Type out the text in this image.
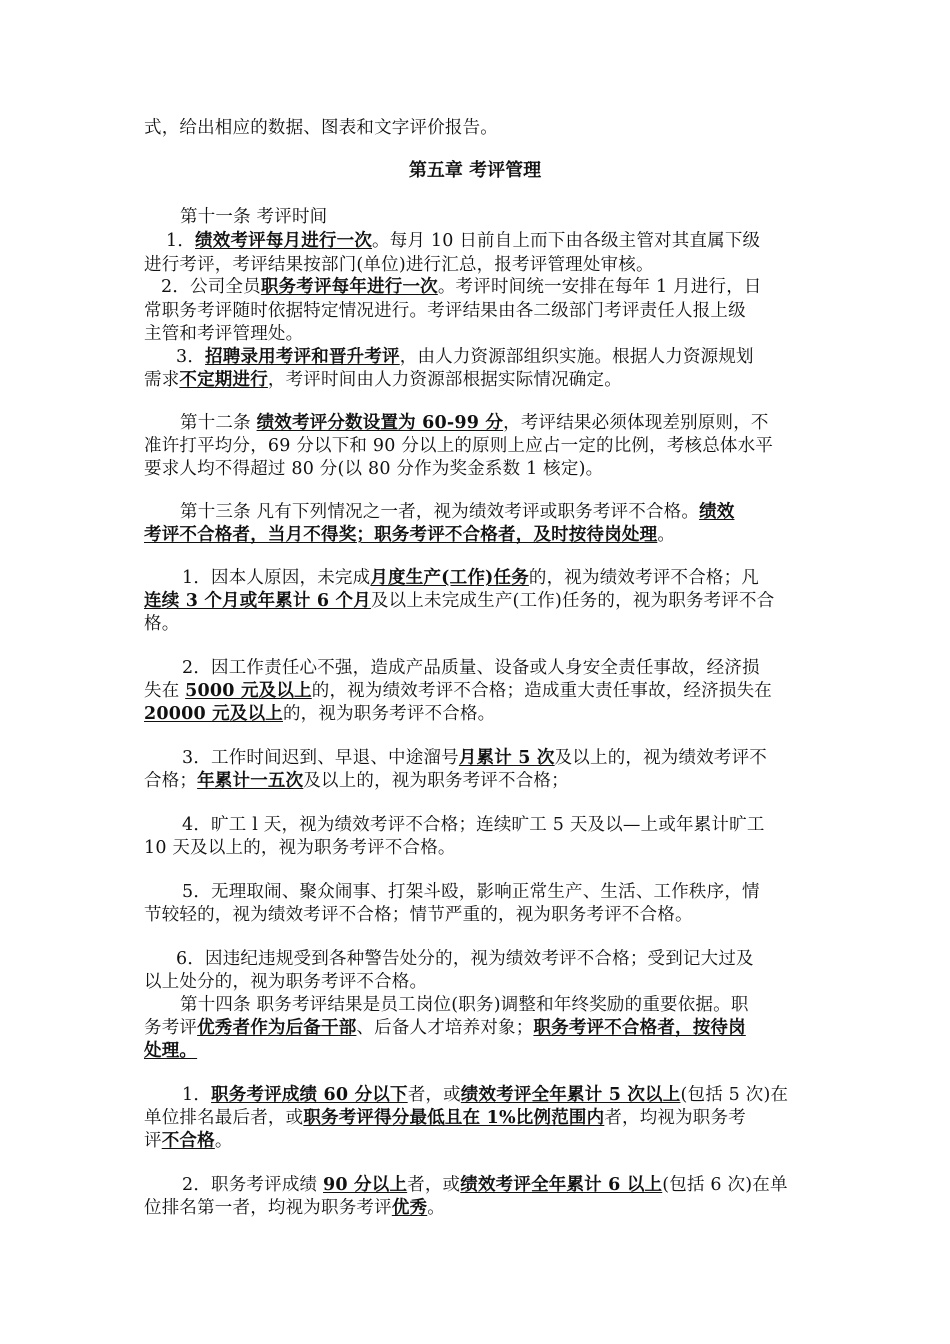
第五章 考评管理
式，给出相应的数据、图表和文字评价报告。
第十一条 考评时间
1．绩效考评每月进行一次。每月 10 日前自上而下由各级主管对其直属下级
进行考评，考评结果按部门(单位)进行汇总，报考评管理处审核。
2．公司全员职务考评每年进行一次。考评时间统一安排在每年 1 月进行，日
常职务考评随时依据特定情况进行。考评结果由各二级部门考评责任人报上级
主管和考评管理处。
3．招聘录用考评和晋升考评，由人力资源部组织实施。根据人力资源规划
需求不定期进行，考评时间由人力资源部根据实际情况确定。
第十二条 绩效考评分数设置为 60-99 分，考评结果必须体现差别原则，不
准许打平均分，69 分以下和 90 分以上的原则上应占一定的比例，考核总体水平
要求人均不得超过 80 分(以 80 分作为奖金系数 1 核定)。
第十三条 凡有下列情况之一者，视为绩效考评或职务考评不合格。绩效
考评不合格者，当月不得奖；职务考评不合格者，及时按待岗处理。
1．因本人原因，未完成月度生产(工作)任务的，视为绩效考评不合格；凡
连续 3 个月或年累计 6 个月及以上未完成生产(工作)任务的，视为职务考评不合
格。
2．因工作责任心不强，造成产品质量、设备或人身安全责任事故，经济损
失在 5000 元及以上的，视为绩效考评不合格；造成重大责任事故，经济损失在
20000 元及以上的，视为职务考评不合格。
3．工作时间迟到、早退、中途溜号月累计 5 次及以上的，视为绩效考评不
合格；年累计一五次及以上的，视为职务考评不合格；
4．旷工 l 天，视为绩效考评不合格；连续旷工 5 天及以—上或年累计旷工
10 天及以上的，视为职务考评不合格。
5．无理取闹、聚众闹事、打架斗殴，影响正常生产、生活、工作秩序，情
节较轻的，视为绩效考评不合格；情节严重的，视为职务考评不合格。
6．因违纪违规受到各种警告处分的，视为绩效考评不合格；受到记大过及
以上处分的，视为职务考评不合格。
第十四条 职务考评结果是员工岗位(职务)调整和年终奖励的重要依据。职
务考评优秀者作为后备干部、后备人才培养对象；职务考评不合格者，按待岗
处理。
1．职务考评成绩 60 分以下者，或绩效考评全年累计 5 次以上(包括 5 次)在
单位排名最后者，或职务考评得分最低且在 1%比例范围内者，均视为职务考
评不合格。
2．职务考评成绩 90 分以上者，或绩效考评全年累计 6 以上(包括 6 次)在单
位排名第一者，均视为职务考评优秀。
